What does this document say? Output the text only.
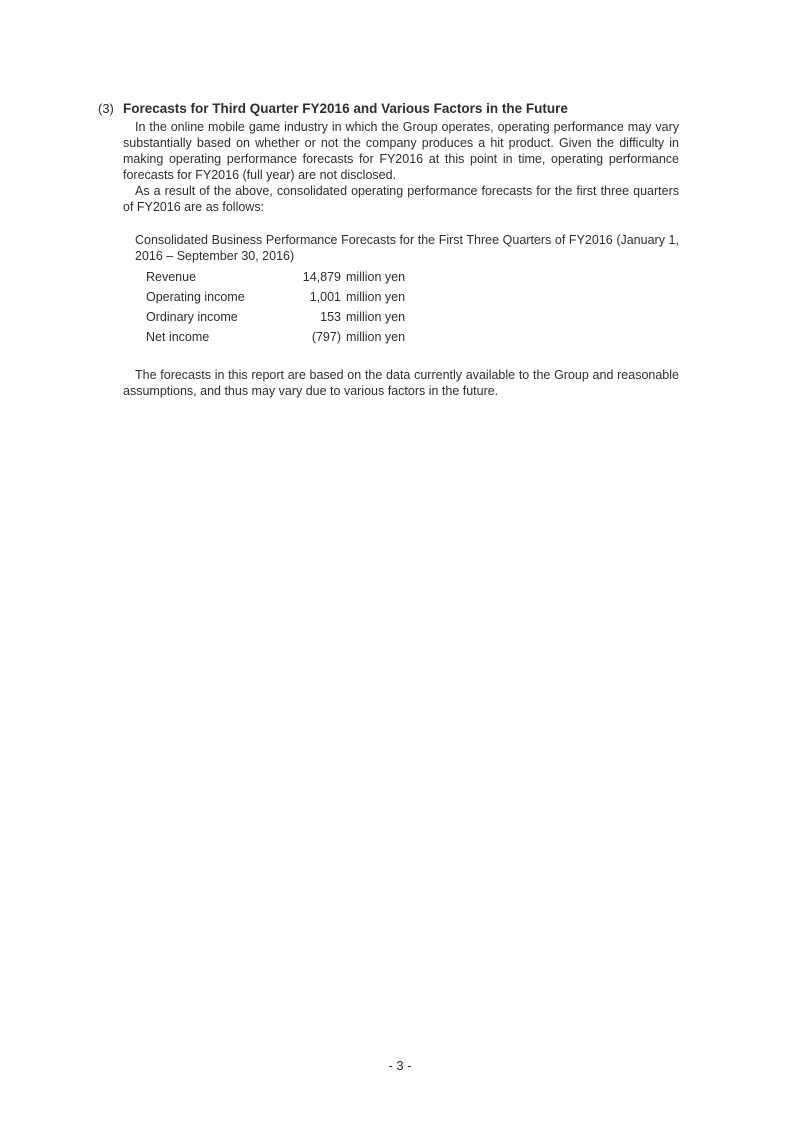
(3) Forecasts for Third Quarter FY2016 and Various Factors in the Future

In the online mobile game industry in which the Group operates, operating performance may vary substantially based on whether or not the company produces a hit product. Given the difficulty in making operating performance forecasts for FY2016 at this point in time, operating performance forecasts for FY2016 (full year) are not disclosed.

As a result of the above, consolidated operating performance forecasts for the first three quarters of FY2016 are as follows:

Consolidated Business Performance Forecasts for the First Three Quarters of FY2016 (January 1, 2016 – September 30, 2016)

Revenue	14,879 million yen
Operating income	1,001 million yen
Ordinary income	153 million yen
Net income	(797) million yen

The forecasts in this report are based on the data currently available to the Group and reasonable assumptions, and thus may vary due to various factors in the future.

- 3 -
